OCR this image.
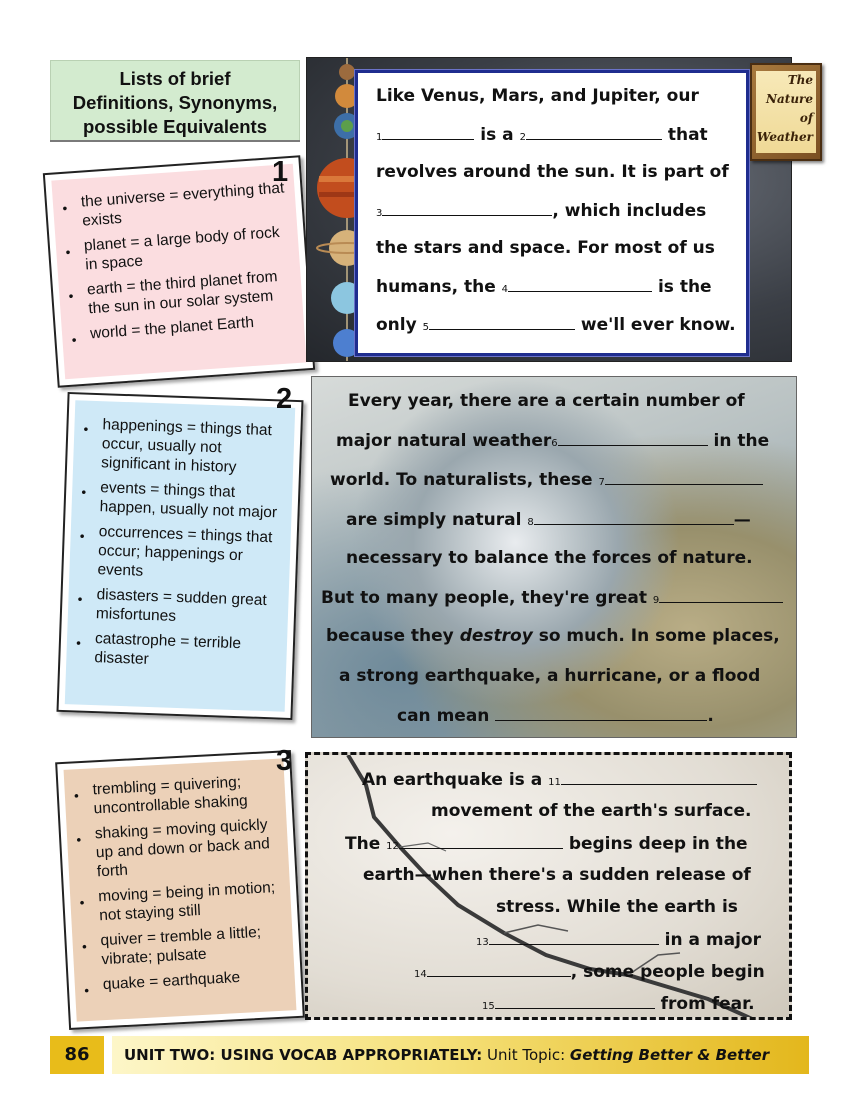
Lists of brief
Definitions, Synonyms,
possible Equivalents
● the universe = everything that exists
● planet = a large body of rock in space
● earth = the third planet from the sun in our solar system
● world = the planet Earth
1
Like Venus, Mars, and Jupiter, our
1	is a 2	that
revolves around the sun. It is part of
3	, which includes
the stars and space. For most of us
humans, the 4	is the
only 5	we'll ever know.
The
Nature
of
Weather
● happenings = things that occur, usually not significant in history
● events = things that happen, usually not major
● occurrences = things that occur; happenings or events
● disasters = sudden great misfortunes
● catastrophe = terrible disaster
2	Every year, there are a certain number of
major natural weather6	in the
world. To naturalists, these 7
are simply natural 8	—
necessary to balance the forces of nature.
But to many people, they're great 9
because they destroy so much. In some places,
a strong earthquake, a hurricane, or a flood
can mean	.
● trembling = quivering; uncontrollable shaking
● shaking = moving quickly up and down or back and forth
● moving = being in motion; not staying still
● quiver = tremble a little; vibrate; pulsate
● quake = earthquake
3
An earthquake is a 11
movement of the earth's surface.
The 12	begins deep in the
earth—when there's a sudden release of
stress. While the earth is
13	in a major
14	, some people begin
15	from fear.
86	UNIT TWO: USING VOCAB APPROPRIATELY: Unit Topic: Getting Better & Better
